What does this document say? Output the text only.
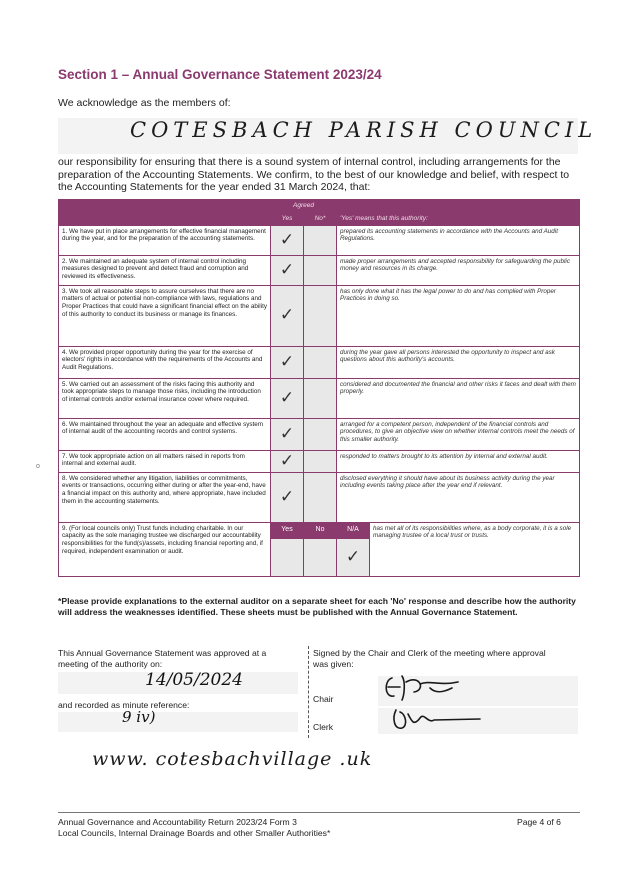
Section 1 – Annual Governance Statement 2023/24
We acknowledge as the members of:
COTESBACH PARISH COUNCIL
our responsibility for ensuring that there is a sound system of internal control, including arrangements for the preparation of the Accounting Statements. We confirm, to the best of our knowledge and belief, with respect to the Accounting Statements for the year ended 31 March 2024, that:
o
	Agreed			
	Yes	No*	'Yes' means that this authority:	
1. We have put in place arrangements for effective financial management during the year, and for the preparation of the accounting statements.	✓		prepared its accounting statements in accordance with the Accounts and Audit Regulations.	
2. We maintained an adequate system of internal control including measures designed to prevent and detect fraud and corruption and reviewed its effectiveness.	✓		made proper arrangements and accepted responsibility for safeguarding the public money and resources in its charge.	
3. We took all reasonable steps to assure ourselves that there are no matters of actual or potential non-compliance with laws, regulations and Proper Practices that could have a significant financial effect on the ability of this authority to conduct its business or manage its finances.	✓		has only done what it has the legal power to do and has complied with Proper Practices in doing so.	
4. We provided proper opportunity during the year for the exercise of electors' rights in accordance with the requirements of the Accounts and Audit Regulations.	✓		during the year gave all persons interested the opportunity to inspect and ask questions about this authority's accounts.	
5. We carried out an assessment of the risks facing this authority and took appropriate steps to manage those risks, including the introduction of internal controls and/or external insurance cover where required.	✓		considered and documented the financial and other risks it faces and dealt with them properly.	
6. We maintained throughout the year an adequate and effective system of internal audit of the accounting records and control systems.	✓		arranged for a competent person, independent of the financial controls and procedures, to give an objective view on whether internal controls meet the needs of this smaller authority.	
7. We took appropriate action on all matters raised in reports from internal and external audit.	✓		responded to matters brought to its attention by internal and external audit.	
8. We considered whether any litigation, liabilities or commitments, events or transactions, occurring either during or after the year-end, have a financial impact on this authority and, where appropriate, have included them in the accounting statements.	✓		disclosed everything it should have about its business activity during the year including events taking place after the year end if relevant.	
9. (For local councils only) Trust funds including charitable. In our capacity as the sole managing trustee we discharged our accountability responsibilities for the fund(s)/assets, including financial reporting and, if required, independent examination or audit.	Yes	No	N/A	has met all of its responsibilities where, as a body corporate, it is a sole managing trustee of a local trust or trusts.
			✓	
*Please provide explanations to the external auditor on a separate sheet for each 'No' response and describe how the authority will address the weaknesses identified. These sheets must be published with the Annual Governance Statement.
This Annual Governance Statement was approved at a meeting of the authority on:
14/05/2024
and recorded as minute reference:
9 iv)
Signed by the Chair and Clerk of the meeting where approval was given:
Chair
Clerk
www. cotesbachvillage .uk
Annual Governance and Accountability Return 2023/24 Form 3
Local Councils, Internal Drainage Boards and other Smaller Authorities*
Page 4 of 6
